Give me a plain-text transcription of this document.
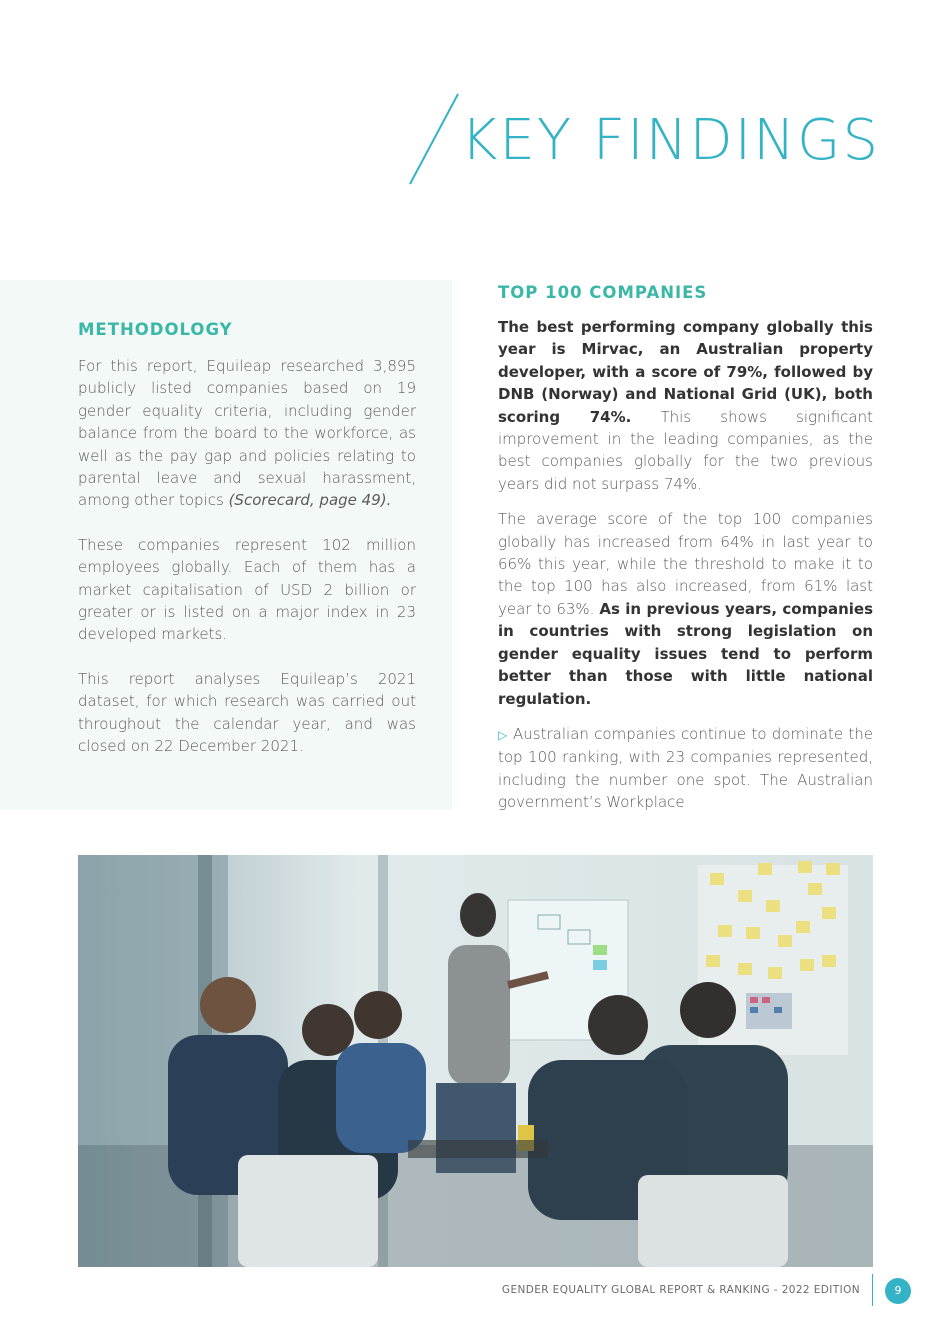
KEY FINDINGS
METHODOLOGY

For this report, Equileap researched 3,895 publicly listed companies based on 19 gender equality criteria, including gender balance from the board to the workforce, as well as the pay gap and policies relating to parental leave and sexual harassment, among other topics (Scorecard, page 49).

These companies represent 102 million employees globally. Each of them has a market capitalisation of USD 2 billion or greater or is listed on a major index in 23 developed markets.

This report analyses Equileap’s 2021 dataset, for which research was carried out throughout the calendar year, and was closed on 22 December 2021.

TOP 100 COMPANIES

The best performing company globally this year is Mirvac, an Australian property developer, with a score of 79%, followed by DNB (Norway) and National Grid (UK), both scoring 74%. This shows significant improvement in the leading companies, as the best companies globally for the two previous years did not surpass 74%.

The average score of the top 100 companies globally has increased from 64% in last year to 66% this year, while the threshold to make it to the top 100 has also increased, from 61% last year to 63%. As in previous years, companies in countries with strong legislation on gender equality issues tend to perform better than those with little national regulation.

▷ Australian companies continue to dominate the top 100 ranking, with 23 companies represented, including the number one spot. The Australian government’s Workplace

GENDER EQUALITY GLOBAL REPORT & RANKING - 2022 EDITION	9
